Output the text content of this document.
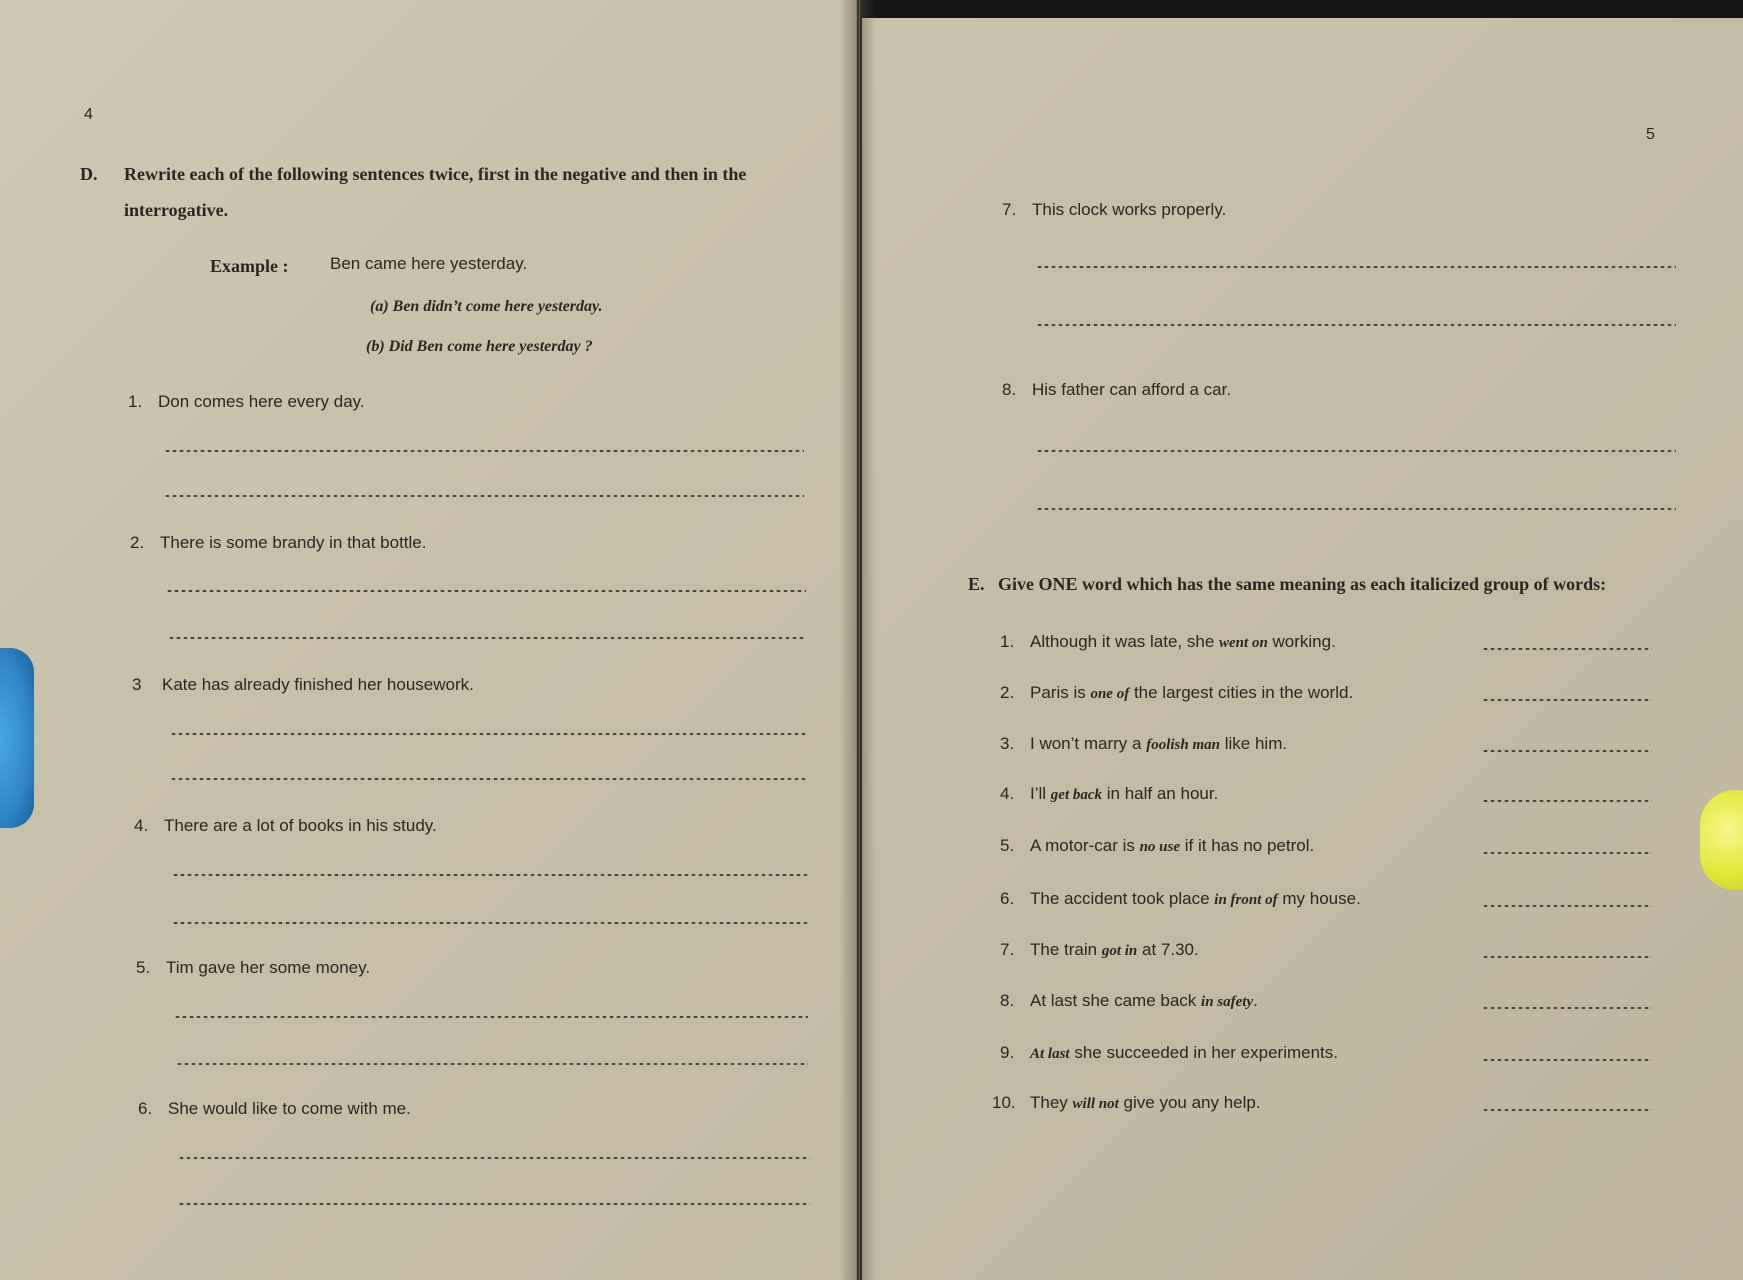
4
D. Rewrite each of the following sentences twice, first in the negative and then in the interrogative.
Example : Ben came here yesterday.
(a) Ben didn’t come here yesterday.
(b) Did Ben come here yesterday ?
1. Don comes here every day.
2. There is some brandy in that bottle.
3 Kate has already finished her housework.
4. There are a lot of books in his study.
5. Tim gave her some money.
6. She would like to come with me.
5
7. This clock works properly.
8. His father can afford a car.
E. Give ONE word which has the same meaning as each italicized group of words:
1. Although it was late, she went on working.
2. Paris is one of the largest cities in the world.
3. I won’t marry a foolish man like him.
4. I’ll get back in half an hour.
5. A motor-car is no use if it has no petrol.
6. The accident took place in front of my house.
7. The train got in at 7.30.
8. At last she came back in safety.
9. At last she succeeded in her experiments.
10. They will not give you any help.
